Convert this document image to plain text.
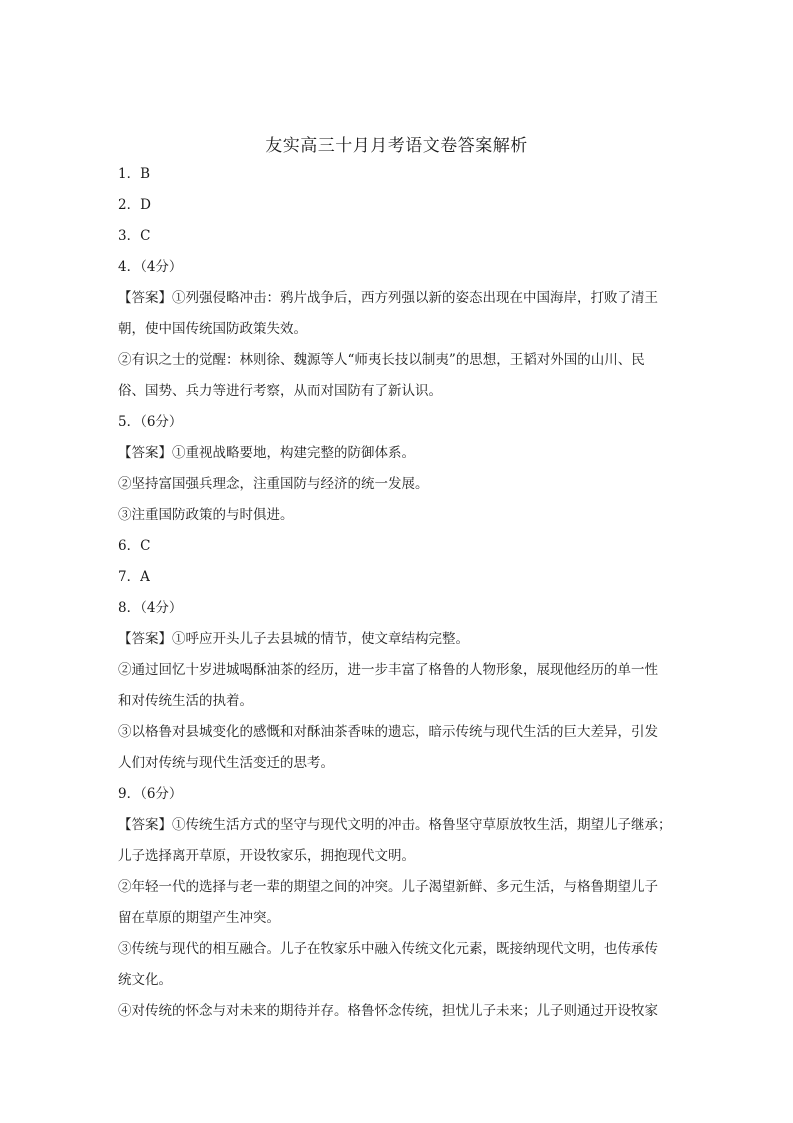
友实高三十月月考语文卷答案解析
1．B
2．D
3．C
4．（4分）
【答案】①列强侵略冲击：鸦片战争后，西方列强以新的姿态出现在中国海岸，打败了清王
朝，使中国传统国防政策失效。
②有识之士的觉醒：林则徐、魏源等人“师夷长技以制夷”的思想，王韬对外国的山川、民
俗、国势、兵力等进行考察，从而对国防有了新认识。
5．（6分）
【答案】①重视战略要地，构建完整的防御体系。
②坚持富国强兵理念，注重国防与经济的统一发展。
③注重国防政策的与时俱进。
6．C
7．A
8．（4分）
【答案】①呼应开头儿子去县城的情节，使文章结构完整。
②通过回忆十岁进城喝酥油茶的经历，进一步丰富了格鲁的人物形象，展现他经历的单一性
和对传统生活的执着。
③以格鲁对县城变化的感慨和对酥油茶香味的遗忘，暗示传统与现代生活的巨大差异，引发
人们对传统与现代生活变迁的思考。
9．（6分）
【答案】①传统生活方式的坚守与现代文明的冲击。格鲁坚守草原放牧生活，期望儿子继承；
儿子选择离开草原，开设牧家乐，拥抱现代文明。
②年轻一代的选择与老一辈的期望之间的冲突。儿子渴望新鲜、多元生活，与格鲁期望儿子
留在草原的期望产生冲突。
③传统与现代的相互融合。儿子在牧家乐中融入传统文化元素，既接纳现代文明，也传承传
统文化。
④对传统的怀念与对未来的期待并存。格鲁怀念传统，担忧儿子未来；儿子则通过开设牧家
